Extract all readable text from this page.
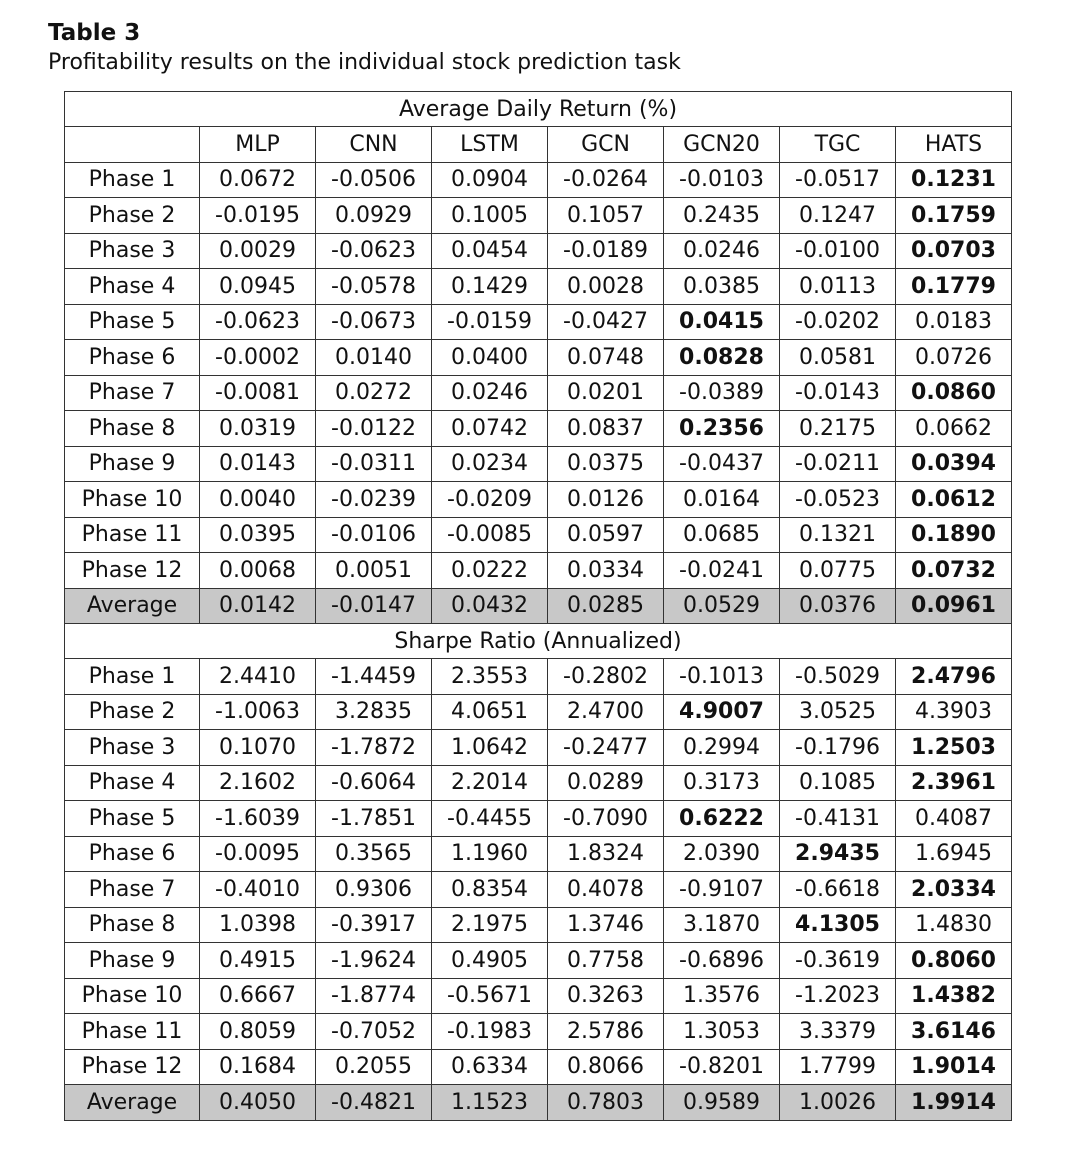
Table 3
Profitability results on the individual stock prediction task
Average Daily Return (%)							
	MLP	CNN	LSTM	GCN	GCN20	TGC	HATS
Phase 1	0.0672	-0.0506	0.0904	-0.0264	-0.0103	-0.0517	0.1231
Phase 2	-0.0195	0.0929	0.1005	0.1057	0.2435	0.1247	0.1759
Phase 3	0.0029	-0.0623	0.0454	-0.0189	0.0246	-0.0100	0.0703
Phase 4	0.0945	-0.0578	0.1429	0.0028	0.0385	0.0113	0.1779
Phase 5	-0.0623	-0.0673	-0.0159	-0.0427	0.0415	-0.0202	0.0183
Phase 6	-0.0002	0.0140	0.0400	0.0748	0.0828	0.0581	0.0726
Phase 7	-0.0081	0.0272	0.0246	0.0201	-0.0389	-0.0143	0.0860
Phase 8	0.0319	-0.0122	0.0742	0.0837	0.2356	0.2175	0.0662
Phase 9	0.0143	-0.0311	0.0234	0.0375	-0.0437	-0.0211	0.0394
Phase 10	0.0040	-0.0239	-0.0209	0.0126	0.0164	-0.0523	0.0612
Phase 11	0.0395	-0.0106	-0.0085	0.0597	0.0685	0.1321	0.1890
Phase 12	0.0068	0.0051	0.0222	0.0334	-0.0241	0.0775	0.0732
Average	0.0142	-0.0147	0.0432	0.0285	0.0529	0.0376	0.0961
Sharpe Ratio (Annualized)							
Phase 1	2.4410	-1.4459	2.3553	-0.2802	-0.1013	-0.5029	2.4796
Phase 2	-1.0063	3.2835	4.0651	2.4700	4.9007	3.0525	4.3903
Phase 3	0.1070	-1.7872	1.0642	-0.2477	0.2994	-0.1796	1.2503
Phase 4	2.1602	-0.6064	2.2014	0.0289	0.3173	0.1085	2.3961
Phase 5	-1.6039	-1.7851	-0.4455	-0.7090	0.6222	-0.4131	0.4087
Phase 6	-0.0095	0.3565	1.1960	1.8324	2.0390	2.9435	1.6945
Phase 7	-0.4010	0.9306	0.8354	0.4078	-0.9107	-0.6618	2.0334
Phase 8	1.0398	-0.3917	2.1975	1.3746	3.1870	4.1305	1.4830
Phase 9	0.4915	-1.9624	0.4905	0.7758	-0.6896	-0.3619	0.8060
Phase 10	0.6667	-1.8774	-0.5671	0.3263	1.3576	-1.2023	1.4382
Phase 11	0.8059	-0.7052	-0.1983	2.5786	1.3053	3.3379	3.6146
Phase 12	0.1684	0.2055	0.6334	0.8066	-0.8201	1.7799	1.9014
Average	0.4050	-0.4821	1.1523	0.7803	0.9589	1.0026	1.9914
